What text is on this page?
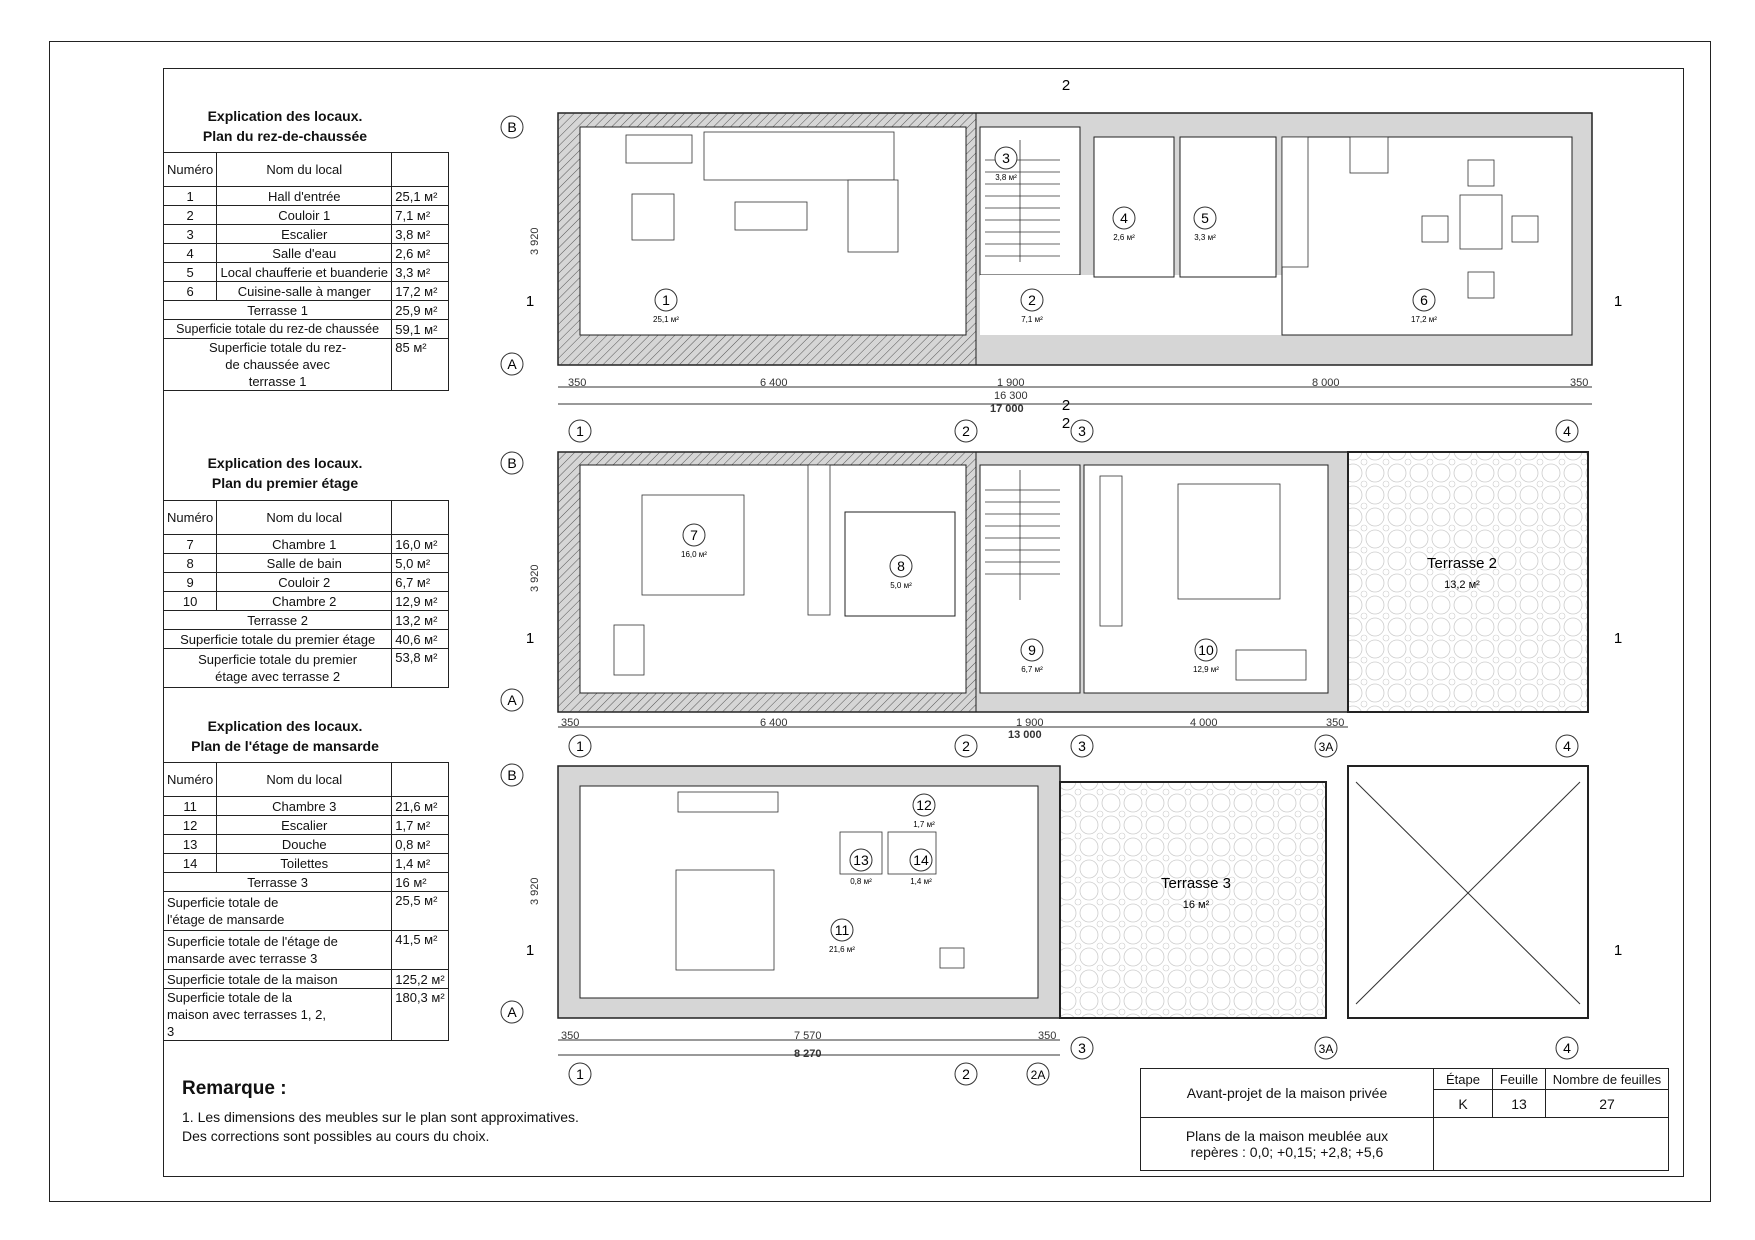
Explication des locaux.
Plan du rez-de-chaussée
Numéro	Nom du local	
1	Hall d'entrée	25,1 м²
2	Couloir 1	7,1 м²
3	Escalier	3,8 м²
4	Salle d'eau	2,6 м²
5	Local chaufferie et buanderie	3,3 м²
6	Cuisine-salle à manger	17,2 м²
Terrasse 1		25,9 м²
Superficie totale du rez-de chaussée		59,1 м²
Superficie totale du rez-de chaussée avec terrasse 1		85 м²
Explication des locaux.
Plan du premier étage
Numéro	Nom du local	
7	Chambre 1	16,0 м²
8	Salle de bain	5,0 м²
9	Couloir 2	6,7 м²
10	Chambre 2	12,9 м²
Terrasse 2		13,2 м²
Superficie totale du premier étage		40,6 м²
Superficie totale du premier étage avec terrasse 2		53,8 м²
Explication des locaux.
Plan de l'étage de mansarde
Numéro	Nom du local	
11	Chambre 3	21,6 м²
12	Escalier	1,7 м²
13	Douche	0,8 м²
14	Toilettes	1,4 м²
Terrasse 3		16 м²
Superficie totale de l'étage de mansarde		25,5 м²
Superficie totale de l'étage de mansarde avec terrasse 3		41,5 м²
Superficie totale de la maison		125,2 м²
Superficie totale de la maison avec terrasses 1, 2, 3		180,3 м²
Remarque :
1. Les dimensions des meubles sur le plan sont approximatives.
Des corrections sont possibles au cours du choix.
Avant-projet de la maison privée	Étape	Feuille	Nombre de feuilles
	K	13	27
Plans de la maison meublée aux repères : 0,0; +0,15; +2,8; +5,6			
350	6 400	1 900	8 000	350
16 300
17 000
3 920
1
25,1 м²
2
7,1 м²
3
3,8 м²
4
2,6 м²
5
3,3 м²
6
17,2 м²
350	6 400	1 900	4 000	350
13 000
3 920
7
16,0 м²
8
5,0 м²
9
6,7 м²
10
12,9 м²
Terrasse 2
13,2 м²
350	7 570	350
8 270
3 920
11
21,6 м²
12
1,7 м²
13
0,8 м²
14
1,4 м²	Terrasse 3
16 м²
B
A
B
A
B
A
1	2	3	4
1	2	3	3A	4
3	3A	4
1	2	2A
2
2
2
1	1
1	1
1	1
